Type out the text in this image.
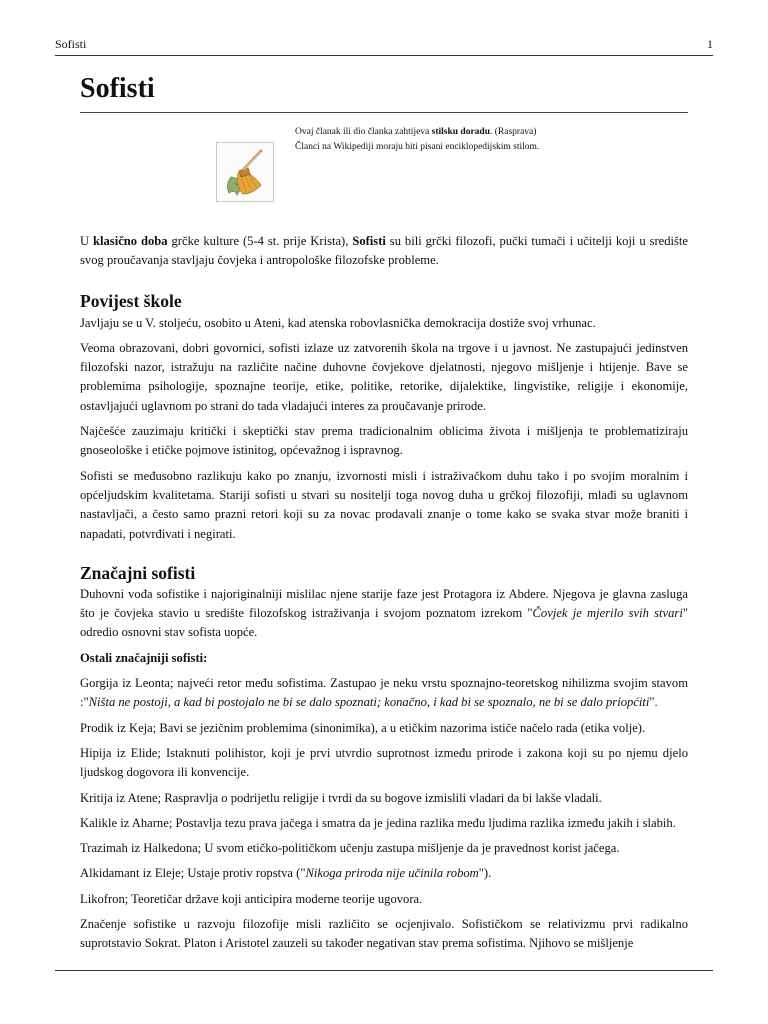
Sofisti	1
Sofisti
Ovaj članak ili dio članka zahtijeva stilsku doradu. (Rasprava)
Članci na Wikipediji moraju biti pisani enciklopedijskim stilom.

U klasično doba grčke kulture (5-4 st. prije Krista), Sofisti su bili grčki filozofi, pučki tumači i učitelji koji u središte svog proučavanja stavljaju čovjeka i antropološke filozofske probleme.

Povijest škole

Javljaju se u V. stoljeću, osobito u Ateni, kad atenska robovlasnička demokracija dostiže svoj vrhunac.

Veoma obrazovani, dobri govornici, sofisti izlaze uz zatvorenih škola na trgove i u javnost. Ne zastupajući jedinstven filozofski nazor, istražuju na različite načine duhovne čovjekove djelatnosti, njegovo mišljenje i htijenje. Bave se problemima psihologije, spoznajne teorije, etike, politike, retorike, dijalektike, lingvistike, religije i ekonomije, ostavljajući uglavnom po strani do tada vladajući interes za proučavanje prirode.

Najčešće zauzimaju kritički i skeptički stav prema tradicionalnim oblicima života i mišljenja te problematiziraju gnoseološke i etičke pojmove istinitog, općevažnog i ispravnog.

Sofisti se međusobno razlikuju kako po znanju, izvornosti misli i istraživačkom duhu tako i po svojim moralnim i općeljudskim kvalitetama. Stariji sofisti u stvari su nositelji toga novog duha u grčkoj filozofiji, mlađi su uglavnom nastavljači, a često samo prazni retori koji su za novac prodavali znanje o tome kako se svaka stvar može braniti i napadati, potvrđivati i negirati.

Značajni sofisti

Duhovni vođa sofistike i najoriginalniji mislilac njene starije faze jest Protagora iz Abdere. Njegova je glavna zasluga što je čovjeka stavio u središte filozofskog istraživanja i svojom poznatom izrekom "Čovjek je mjerilo svih stvari" odredio osnovni stav sofista uopće.

Ostali značajniji sofisti:

Gorgija iz Leonta; najveći retor među sofistima. Zastupao je neku vrstu spoznajno-teoretskog nihilizma svojim stavom :"Ništa ne postoji, a kad bi postojalo ne bi se dalo spoznati; konačno, i kad bi se spoznalo, ne bi se dalo priopćiti".

Prodik iz Keja; Bavi se jezičnim problemima (sinonimika), a u etičkim nazorima ističe načelo rada (etika volje).

Hipija iz Elide; Istaknuti polihistor, koji je prvi utvrdio suprotnost između prirode i zakona koji su po njemu djelo ljudskog dogovora ili konvencije.

Kritija iz Atene; Raspravlja o podrijetlu religije i tvrdi da su bogove izmislili vladari da bi lakše vladali.

Kalikle iz Aharne; Postavlja tezu prava jačega i smatra da je jedina razlika među ljudima razlika između jakih i slabih.

Trazimah iz Halkedona; U svom etičko-političkom učenju zastupa mišljenje da je pravednost korist jačega.

Alkidamant iz Eleje; Ustaje protiv ropstva ("Nikoga priroda nije učinila robom").

Likofron; Teoretičar države koji anticipira moderne teorije ugovora.

Značenje sofistike u razvoju filozofije misli različito se ocjenjivalo. Sofističkom se relativizmu prvi radikalno suprotstavio Sokrat. Platon i Aristotel zauzeli su također negativan stav prema sofistima. Njihovo se mišljenje
